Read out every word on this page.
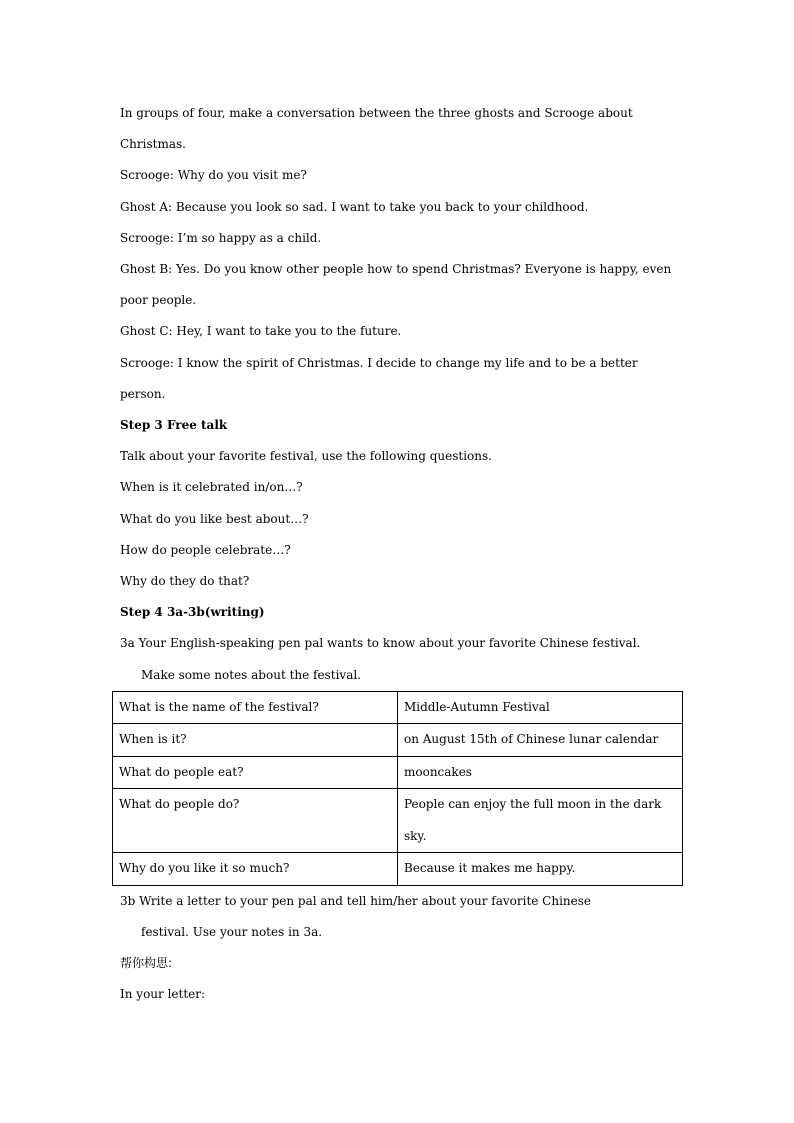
In groups of four, make a conversation between the three ghosts and Scrooge about Christmas.

Scrooge: Why do you visit me?

Ghost A: Because you look so sad. I want to take you back to your childhood.

Scrooge: I’m so happy as a child.

Ghost B: Yes. Do you know other people how to spend Christmas? Everyone is happy, even poor people.

Ghost C: Hey, I want to take you to the future.

Scrooge: I know the spirit of Christmas. I decide to change my life and to be a better person.

Step 3 Free talk

Talk about your favorite festival, use the following questions.

When is it celebrated in/on…?

What do you like best about…?

How do people celebrate…?

Why do they do that?

Step 4 3a-3b(writing)

3a Your English-speaking pen pal wants to know about your favorite Chinese festival.

Make some notes about the festival.

What is the name of the festival?	Middle-Autumn Festival
When is it?	on August 15th of Chinese lunar calendar
What do people eat?	mooncakes
What do people do?	People can enjoy the full moon in the dark sky.
Why do you like it so much?	Because it makes me happy.

3b Write a letter to your pen pal and tell him/her about your favorite Chinese

festival. Use your notes in 3a.

帮你构思:

In your letter:
